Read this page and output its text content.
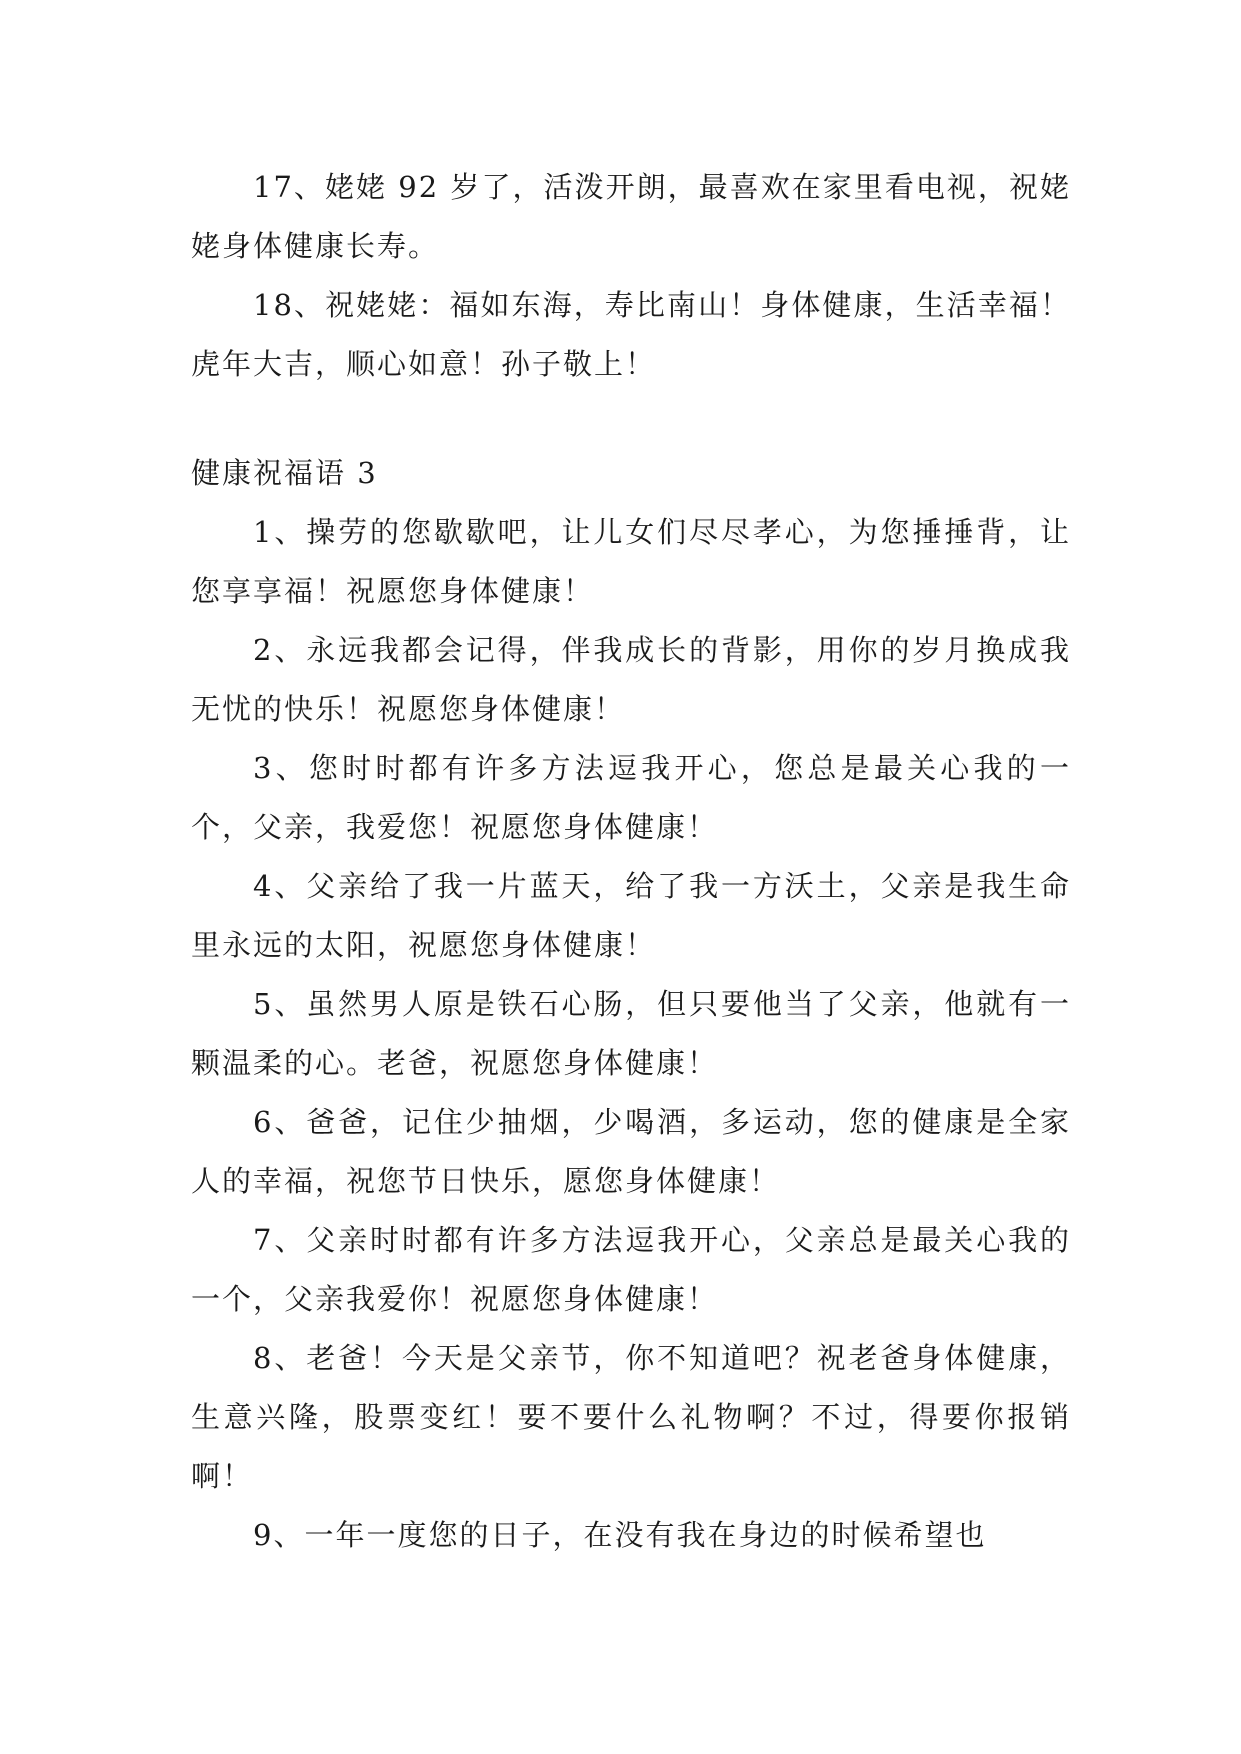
17、姥姥 92 岁了，活泼开朗，最喜欢在家里看电视，祝姥姥身体健康长寿。

18、祝姥姥：福如东海，寿比南山！身体健康，生活幸福！虎年大吉，顺心如意！孙子敬上！

健康祝福语 3

1、操劳的您歇歇吧，让儿女们尽尽孝心，为您捶捶背，让您享享福！祝愿您身体健康！

2、永远我都会记得，伴我成长的背影，用你的岁月换成我无忧的快乐！祝愿您身体健康！

3、您时时都有许多方法逗我开心，您总是最关心我的一个，父亲，我爱您！祝愿您身体健康！

4、父亲给了我一片蓝天，给了我一方沃土，父亲是我生命里永远的太阳，祝愿您身体健康！

5、虽然男人原是铁石心肠，但只要他当了父亲，他就有一颗温柔的心。老爸，祝愿您身体健康！

6、爸爸，记住少抽烟，少喝酒，多运动，您的健康是全家人的幸福，祝您节日快乐，愿您身体健康！

7、父亲时时都有许多方法逗我开心，父亲总是最关心我的一个，父亲我爱你！祝愿您身体健康！

8、老爸！今天是父亲节，你不知道吧？祝老爸身体健康，生意兴隆，股票变红！要不要什么礼物啊？不过，得要你报销啊！

9、一年一度您的日子，在没有我在身边的时候希望也
